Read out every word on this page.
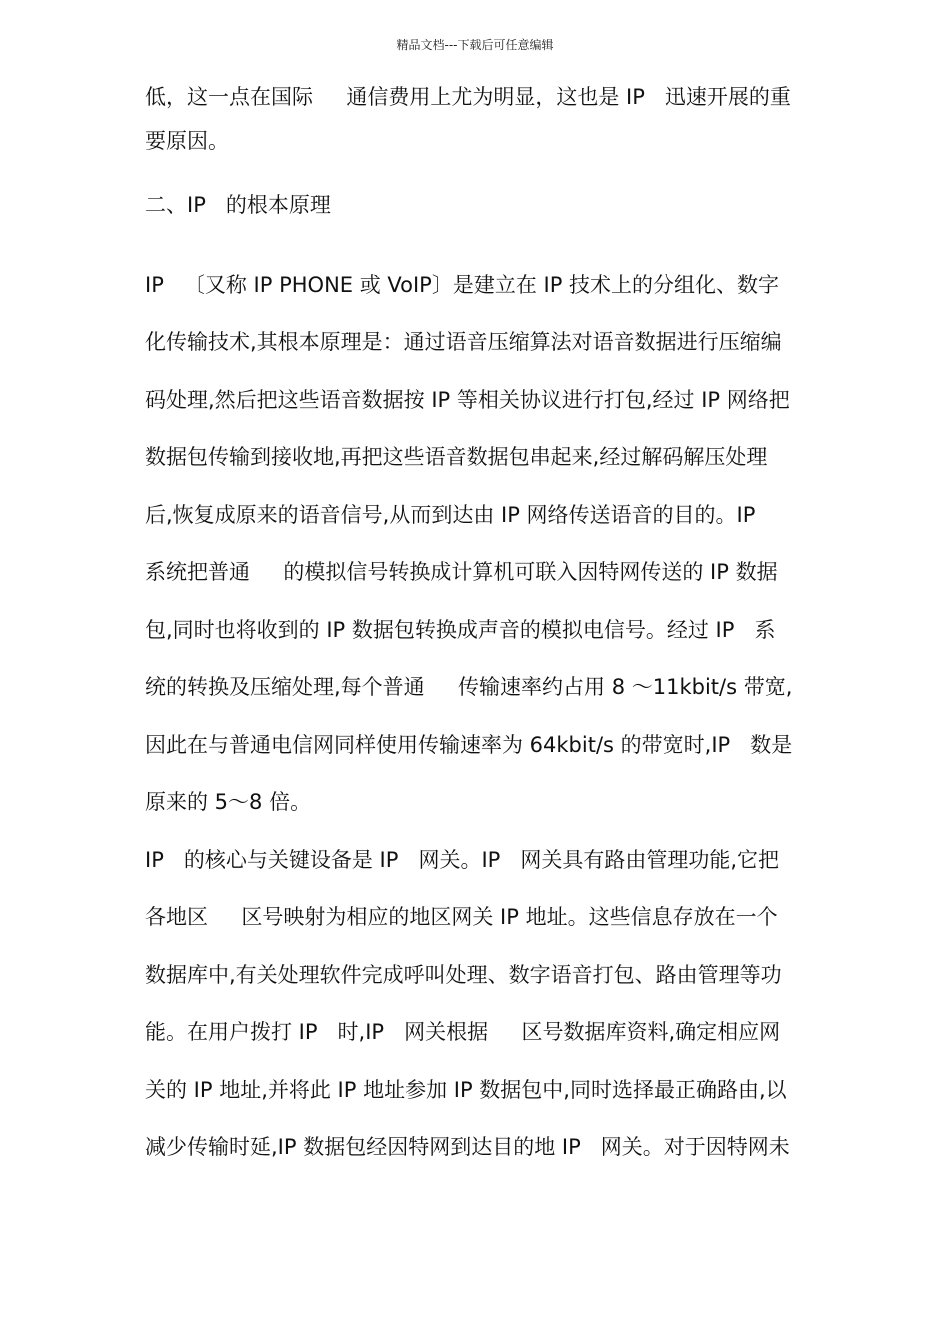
精品文档---下载后可任意编辑
低，这一点在国际     通信费用上尤为明显，这也是 IP   迅速开展的重
要原因。
二、IP   的根本原理
IP   〔又称 IP PHONE 或 VoIP〕是建立在 IP 技术上的分组化、数字
化传输技术,其根本原理是：通过语音压缩算法对语音数据进行压缩编
码处理,然后把这些语音数据按 IP 等相关协议进行打包,经过 IP 网络把
数据包传输到接收地,再把这些语音数据包串起来,经过解码解压处理
后,恢复成原来的语音信号,从而到达由 IP 网络传送语音的目的。IP
系统把普通     的模拟信号转换成计算机可联入因特网传送的 IP 数据
包,同时也将收到的 IP 数据包转换成声音的模拟电信号。经过 IP   系
统的转换及压缩处理,每个普通     传输速率约占用 8 ～11kbit/s 带宽,
因此在与普通电信网同样使用传输速率为 64kbit/s 的带宽时,IP   数是
原来的 5～8 倍。
IP   的核心与关键设备是 IP   网关。IP   网关具有路由管理功能,它把
各地区     区号映射为相应的地区网关 IP 地址。这些信息存放在一个
数据库中,有关处理软件完成呼叫处理、数字语音打包、路由管理等功
能。在用户拨打 IP   时,IP   网关根据     区号数据库资料,确定相应网
关的 IP 地址,并将此 IP 地址参加 IP 数据包中,同时选择最正确路由,以
减少传输时延,IP 数据包经因特网到达目的地 IP   网关。对于因特网未
